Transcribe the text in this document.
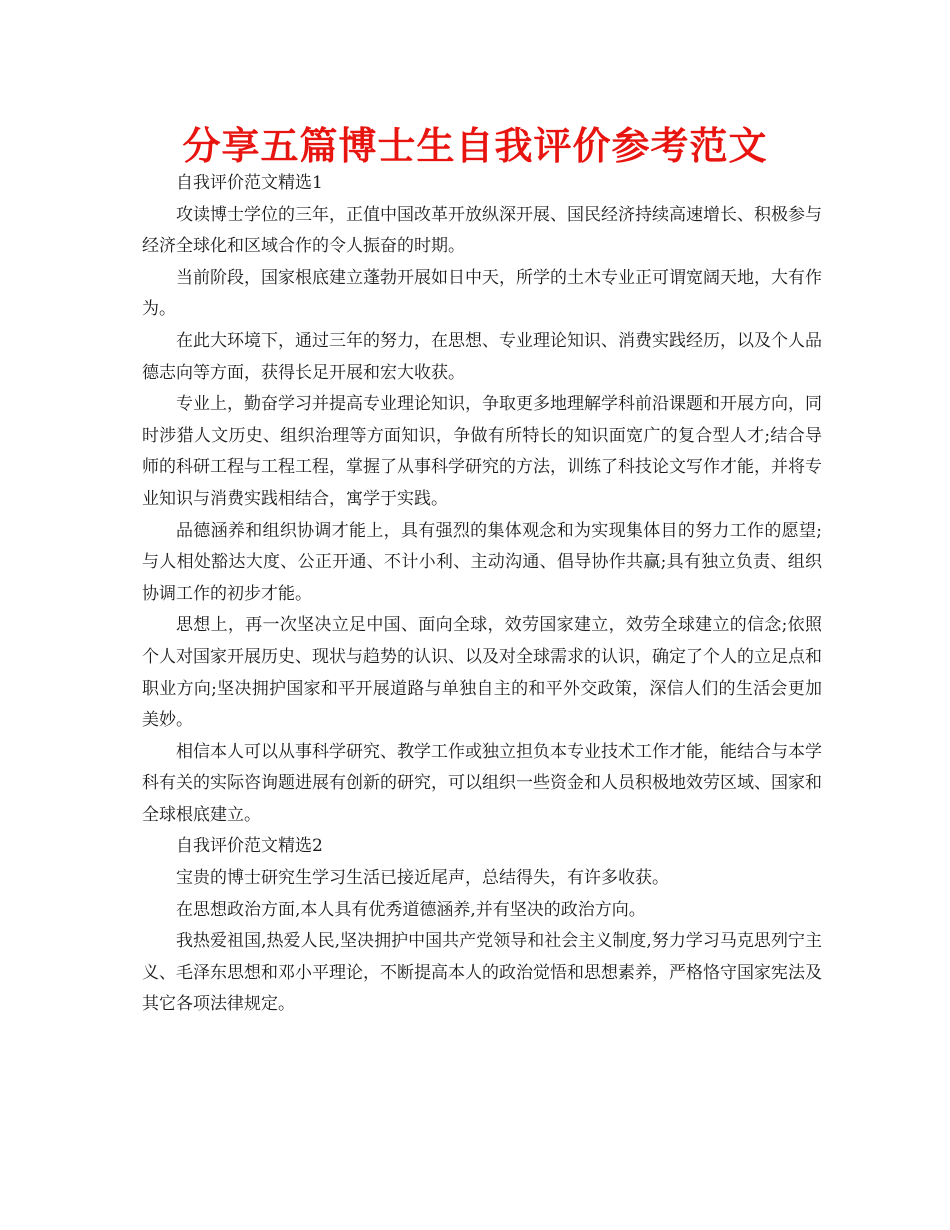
分享五篇博士生自我评价参考范文

自我评价范文精选1

攻读博士学位的三年，正值中国改革开放纵深开展、国民经济持续高速增长、积极参与经济全球化和区域合作的令人振奋的时期。

当前阶段，国家根底建立蓬勃开展如日中天，所学的土木专业正可谓宽阔天地，大有作为。

在此大环境下，通过三年的努力，在思想、专业理论知识、消费实践经历，以及个人品德志向等方面，获得长足开展和宏大收获。

专业上，勤奋学习并提高专业理论知识，争取更多地理解学科前沿课题和开展方向，同时涉猎人文历史、组织治理等方面知识，争做有所特长的知识面宽广的复合型人才;结合导师的科研工程与工程工程，掌握了从事科学研究的方法，训练了科技论文写作才能，并将专业知识与消费实践相结合，寓学于实践。

品德涵养和组织协调才能上，具有强烈的集体观念和为实现集体目的努力工作的愿望;与人相处豁达大度、公正开通、不计小利、主动沟通、倡导协作共赢;具有独立负责、组织协调工作的初步才能。

思想上，再一次坚决立足中国、面向全球，效劳国家建立，效劳全球建立的信念;依照个人对国家开展历史、现状与趋势的认识、以及对全球需求的认识，确定了个人的立足点和职业方向;坚决拥护国家和平开展道路与单独自主的和平外交政策，深信人们的生活会更加美妙。

相信本人可以从事科学研究、教学工作或独立担负本专业技术工作才能，能结合与本学科有关的实际咨询题进展有创新的研究，可以组织一些资金和人员积极地效劳区域、国家和全球根底建立。

自我评价范文精选2

宝贵的博士研究生学习生活已接近尾声，总结得失，有许多收获。

在思想政治方面,本人具有优秀道德涵养,并有坚决的政治方向。

我热爱祖国,热爱人民,坚决拥护中国共产党领导和社会主义制度,努力学习马克思列宁主义、毛泽东思想和邓小平理论，不断提高本人的政治觉悟和思想素养，严格恪守国家宪法及其它各项法律规定。
